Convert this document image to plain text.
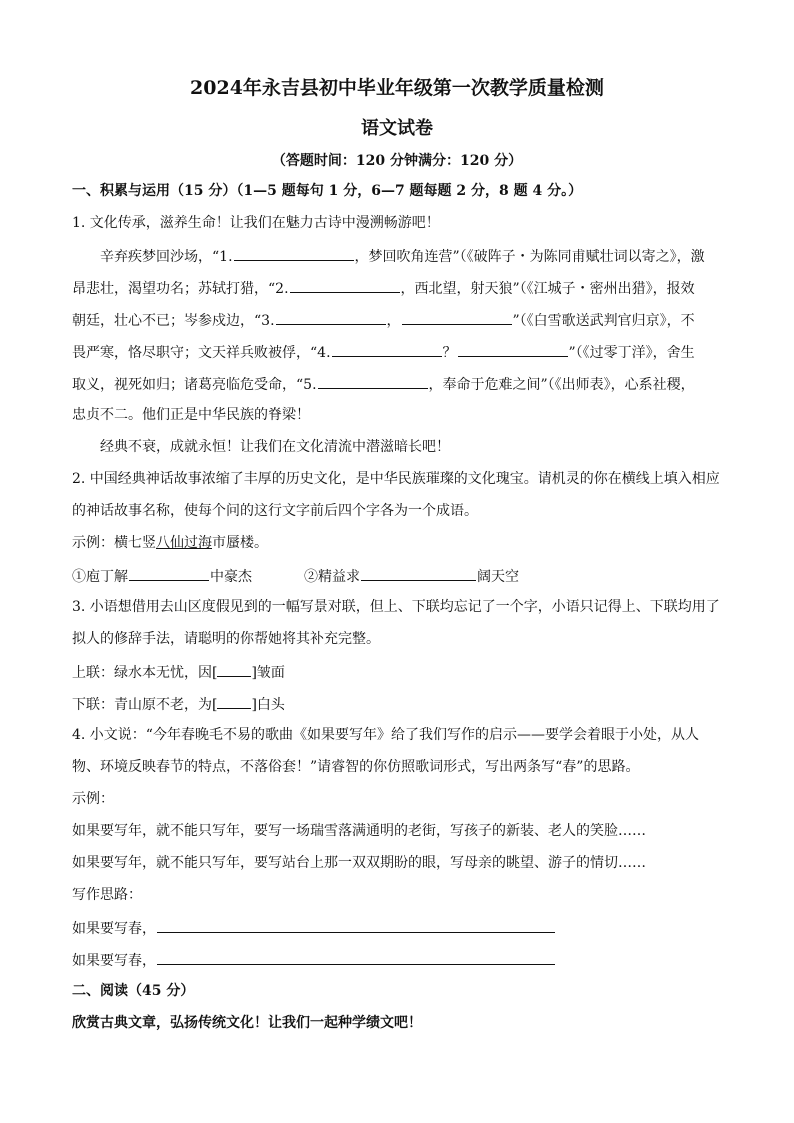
2024年永吉县初中毕业年级第一次教学质量检测
语文试卷
（答题时间：120 分钟满分：120 分）
一、积累与运用（15 分）（1—5 题每句 1 分，6—7 题每题 2 分，8 题 4 分。）
1. 文化传承，滋养生命！让我们在魅力古诗中漫溯畅游吧！
辛弃疾梦回沙场，“1.	，梦回吹角连营”（《破阵子・为陈同甫赋壮词以寄之》，激
昂悲壮，渴望功名；苏轼打猎，“2.	，西北望，射天狼”（《江城子・密州出猎》，报效
朝廷，壮心不已；岑参戍边，“3.	，	”（《白雪歌送武判官归京》，不
畏严寒，恪尽职守；文天祥兵败被俘，“4.	？	”（《过零丁洋》，舍生
取义，视死如归；诸葛亮临危受命，“5.	，奉命于危难之间”（《出师表》，心系社稷，
忠贞不二。他们正是中华民族的脊梁！
经典不衰，成就永恒！让我们在文化清流中潜滋暗长吧！
2. 中国经典神话故事浓缩了丰厚的历史文化，是中华民族璀璨的文化瑰宝。请机灵的你在横线上填入相应
的神话故事名称，使每个问的这行文字前后四个字各为一个成语。
示例：横七竖八仙过海市蜃楼。
①庖丁解	中豪杰	②精益求	阔天空
3. 小语想借用去山区度假见到的一幅写景对联，但上、下联均忘记了一个字，小语只记得上、下联均用了
拟人的修辞手法，请聪明的你帮她将其补充完整。
上联：绿水本无忧，因[ ]皱面
下联：青山原不老，为[ ]白头
4. 小文说：“今年春晚毛不易的歌曲《如果要写年》给了我们写作的启示——要学会着眼于小处，从人
物、环境反映春节的特点，不落俗套！”请睿智的你仿照歌词形式，写出两条写“春”的思路。
示例：
如果要写年，就不能只写年，要写一场瑞雪落满通明的老街，写孩子的新装、老人的笑脸……
如果要写年，就不能只写年，要写站台上那一双双期盼的眼，写母亲的眺望、游子的情切……
写作思路：
如果要写春，
如果要写春，
二、阅读（45 分）
欣赏古典文章，弘扬传统文化！让我们一起种学绩文吧！
